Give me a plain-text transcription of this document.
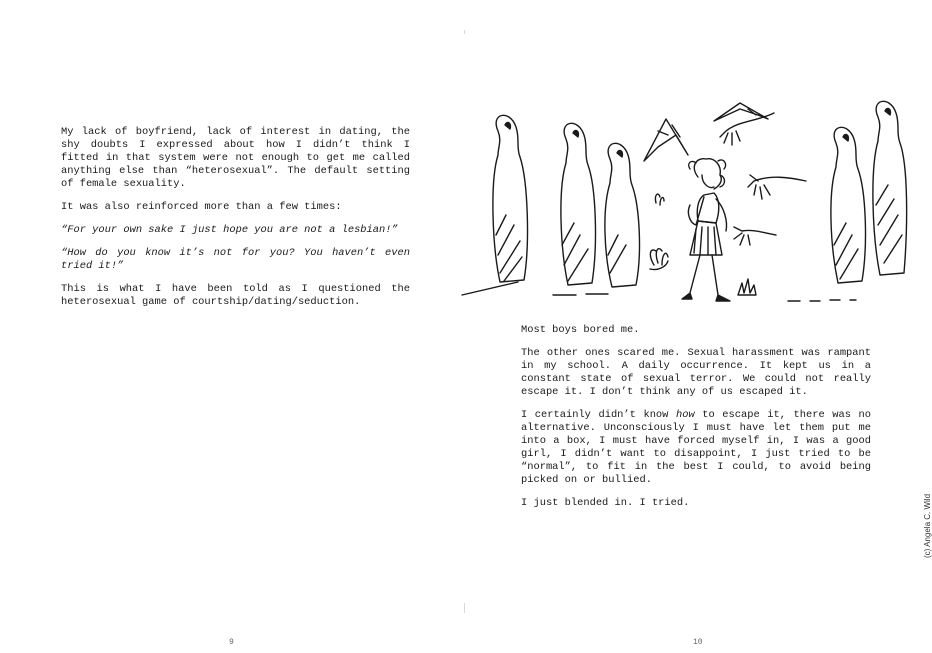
My lack of boyfriend, lack of interest in dating, the shy doubts I expressed about how I didn’t think I fitted in that system were not enough to get me called anything else than “heterosexual”. The default setting of female sexuality.

It was also reinforced more than a few times:

“For your own sake I just hope you are not a lesbian!”

“How do you know it’s not for you? You haven’t even tried it!”

This is what I have been told as I questioned the heterosexual game of courtship/dating/seduction.

9

Most boys bored me.

The other ones scared me. Sexual harassment was rampant in my school. A daily occurrence. It kept us in a constant state of sexual terror. We could not really escape it. I don’t think any of us escaped it.

I certainly didn’t know how to escape it, there was no alternative. Unconsciously I must have let them put me into a box, I must have forced myself in, I was a good girl, I didn’t want to disappoint, I just tried to be “normal”, to fit in the best I could, to avoid being picked on or bullied.

I just blended in. I tried.

10
(c) Angela C. Wild
